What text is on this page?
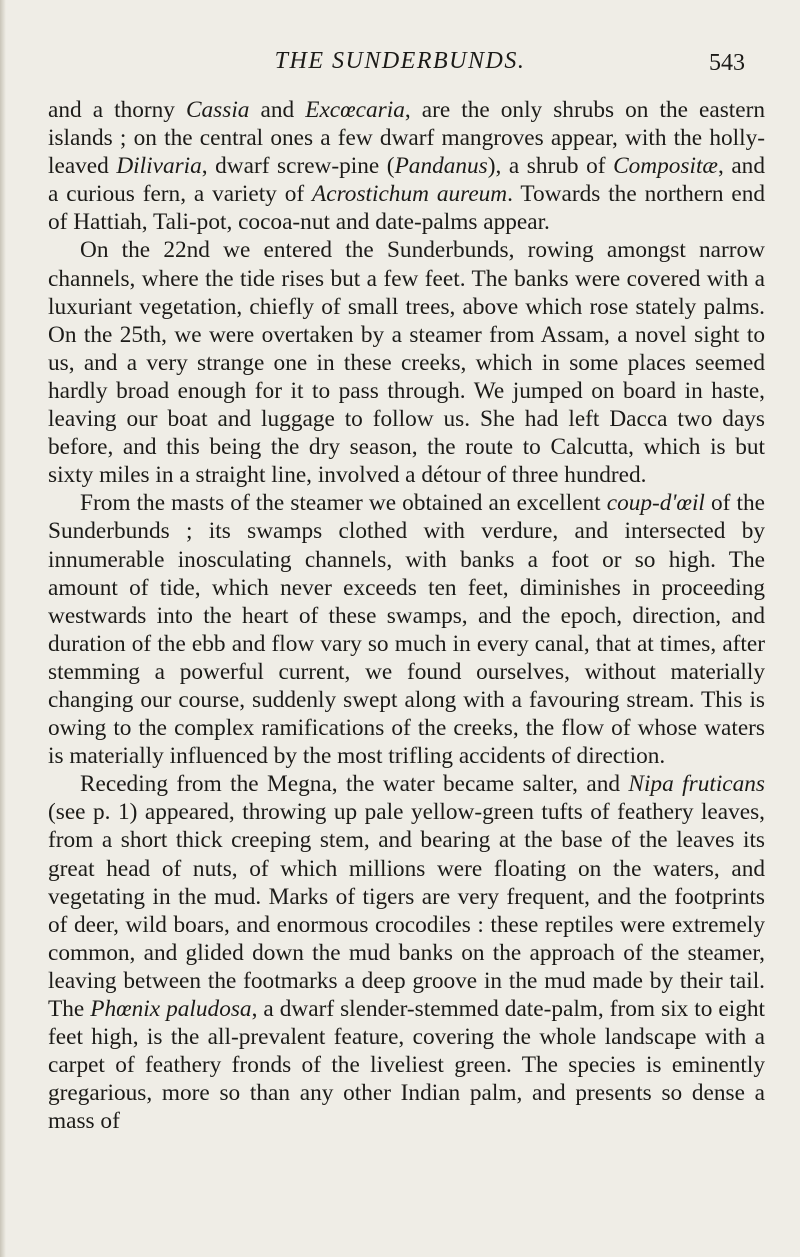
THE SUNDERBUNDS.	543

and a thorny Cassia and Excœcaria, are the only shrubs on the eastern islands ; on the central ones a few dwarf mangroves appear, with the holly-leaved Dilivaria, dwarf screw-pine (Pandanus), a shrub of Compositæ, and a curious fern, a variety of Acrostichum aureum. Towards the northern end of Hattiah, Tali-pot, cocoa-nut and date-palms appear.

On the 22nd we entered the Sunderbunds, rowing amongst narrow channels, where the tide rises but a few feet. The banks were covered with a luxuriant vegetation, chiefly of small trees, above which rose stately palms. On the 25th, we were overtaken by a steamer from Assam, a novel sight to us, and a very strange one in these creeks, which in some places seemed hardly broad enough for it to pass through. We jumped on board in haste, leaving our boat and luggage to follow us. She had left Dacca two days before, and this being the dry season, the route to Calcutta, which is but sixty miles in a straight line, involved a détour of three hundred.

From the masts of the steamer we obtained an excellent coup-d'œil of the Sunderbunds ; its swamps clothed with verdure, and intersected by innumerable inosculating channels, with banks a foot or so high. The amount of tide, which never exceeds ten feet, diminishes in proceeding westwards into the heart of these swamps, and the epoch, direction, and duration of the ebb and flow vary so much in every canal, that at times, after stemming a powerful current, we found ourselves, without materially changing our course, suddenly swept along with a favouring stream. This is owing to the complex ramifications of the creeks, the flow of whose waters is materially influenced by the most trifling accidents of direction.

Receding from the Megna, the water became salter, and Nipa fruticans (see p. 1) appeared, throwing up pale yellow-green tufts of feathery leaves, from a short thick creeping stem, and bearing at the base of the leaves its great head of nuts, of which millions were floating on the waters, and vegetating in the mud. Marks of tigers are very frequent, and the footprints of deer, wild boars, and enormous crocodiles : these reptiles were extremely common, and glided down the mud banks on the approach of the steamer, leaving between the footmarks a deep groove in the mud made by their tail. The Phœnix paludosa, a dwarf slender-stemmed date-palm, from six to eight feet high, is the all-prevalent feature, covering the whole landscape with a carpet of feathery fronds of the liveliest green. The species is eminently gregarious, more so than any other Indian palm, and presents so dense a mass of
